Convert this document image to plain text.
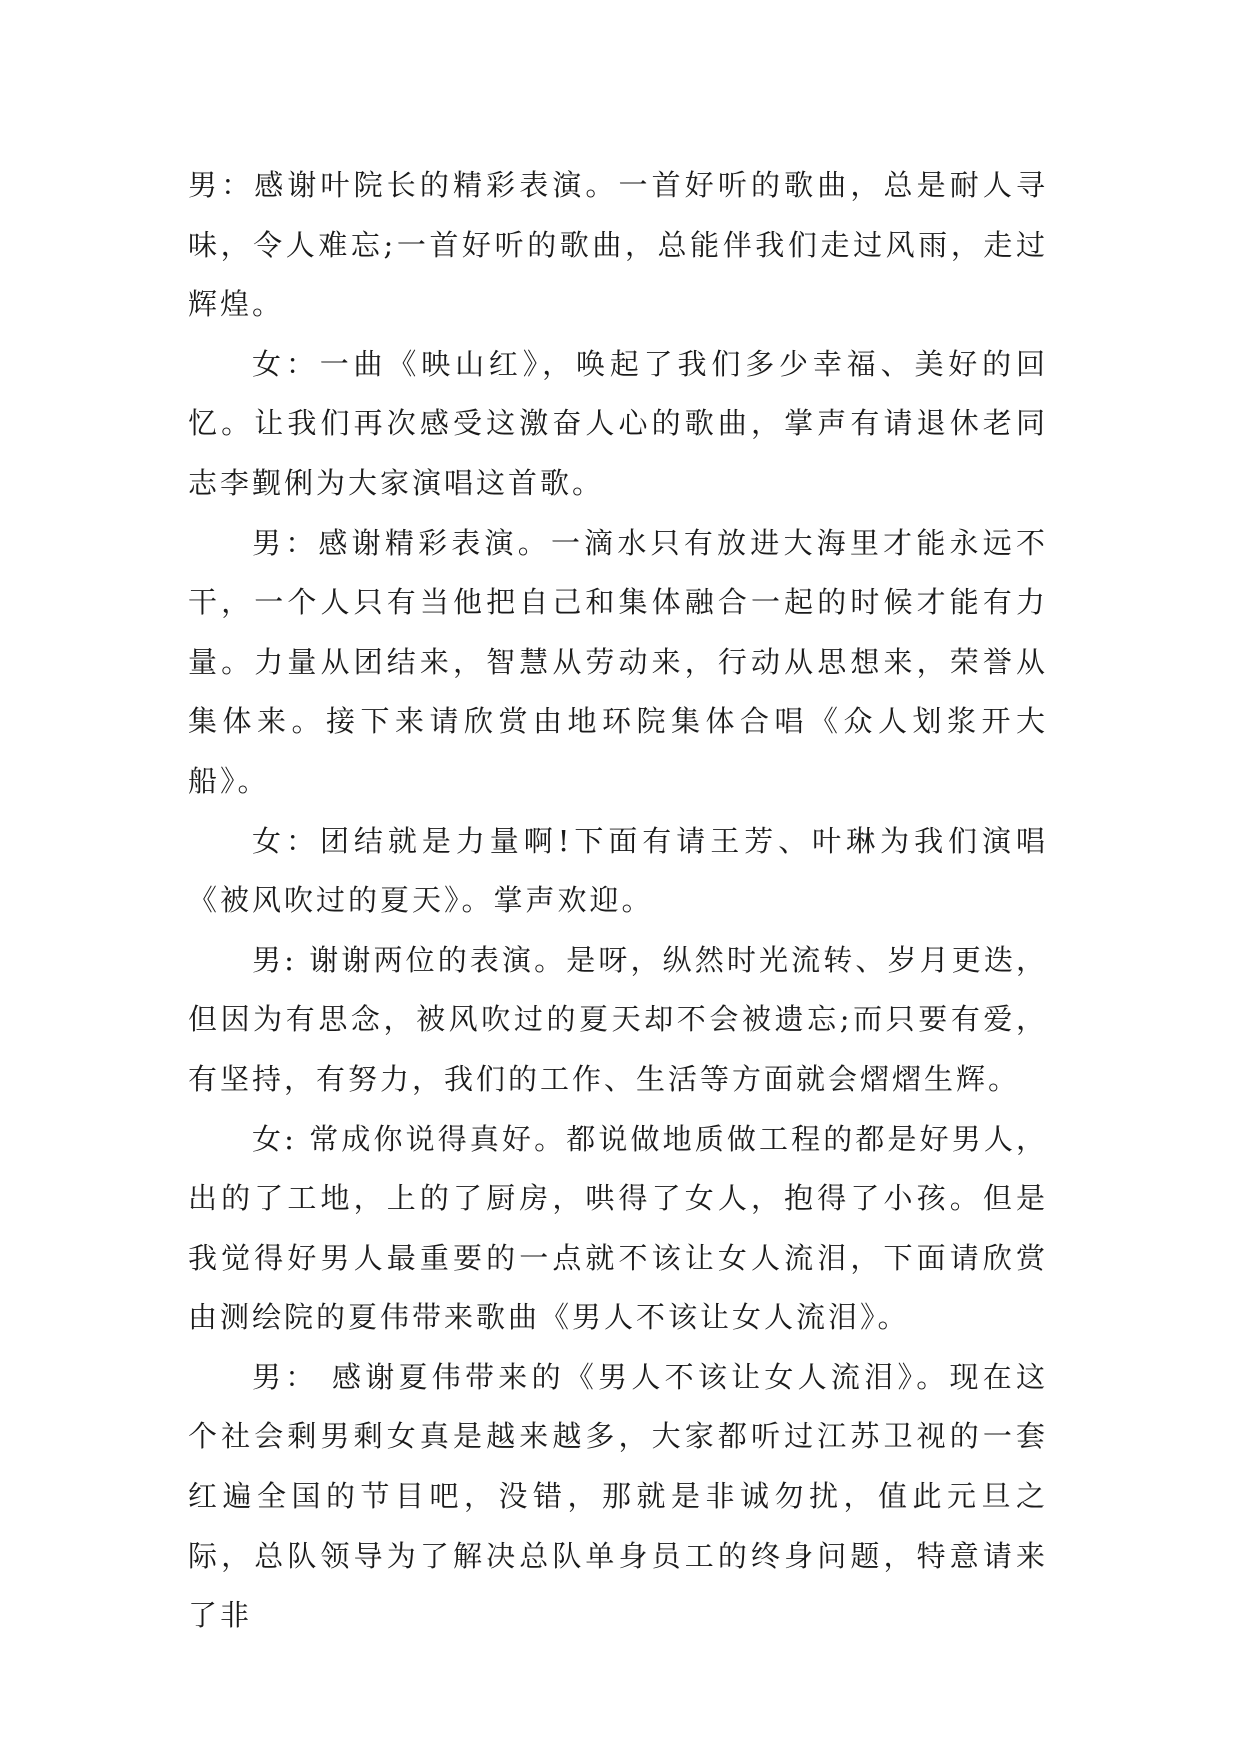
男：感谢叶院长的精彩表演。一首好听的歌曲，总是耐人寻味，令人难忘;一首好听的歌曲，总能伴我们走过风雨，走过辉煌。

女：一曲《映山红》，唤起了我们多少幸福、美好的回忆。让我们再次感受这激奋人心的歌曲，掌声有请退休老同志李觐俐为大家演唱这首歌。

男：感谢精彩表演。一滴水只有放进大海里才能永远不干，一个人只有当他把自己和集体融合一起的时候才能有力量。力量从团结来，智慧从劳动来，行动从思想来，荣誉从集体来。接下来请欣赏由地环院集体合唱《众人划浆开大船》。

女：团结就是力量啊!下面有请王芳、叶琳为我们演唱《被风吹过的夏天》。掌声欢迎。

男: 谢谢两位的表演。是呀，纵然时光流转、岁月更迭，但因为有思念，被风吹过的夏天却不会被遗忘;而只要有爱，有坚持，有努力，我们的工作、生活等方面就会熠熠生辉。

女: 常成你说得真好。都说做地质做工程的都是好男人，出的了工地，上的了厨房，哄得了女人，抱得了小孩。但是我觉得好男人最重要的一点就不该让女人流泪，下面请欣赏由测绘院的夏伟带来歌曲《男人不该让女人流泪》。

男： 感谢夏伟带来的《男人不该让女人流泪》。现在这个社会剩男剩女真是越来越多，大家都听过江苏卫视的一套红遍全国的节目吧，没错，那就是非诚勿扰，值此元旦之际，总队领导为了解决总队单身员工的终身问题，特意请来了非
